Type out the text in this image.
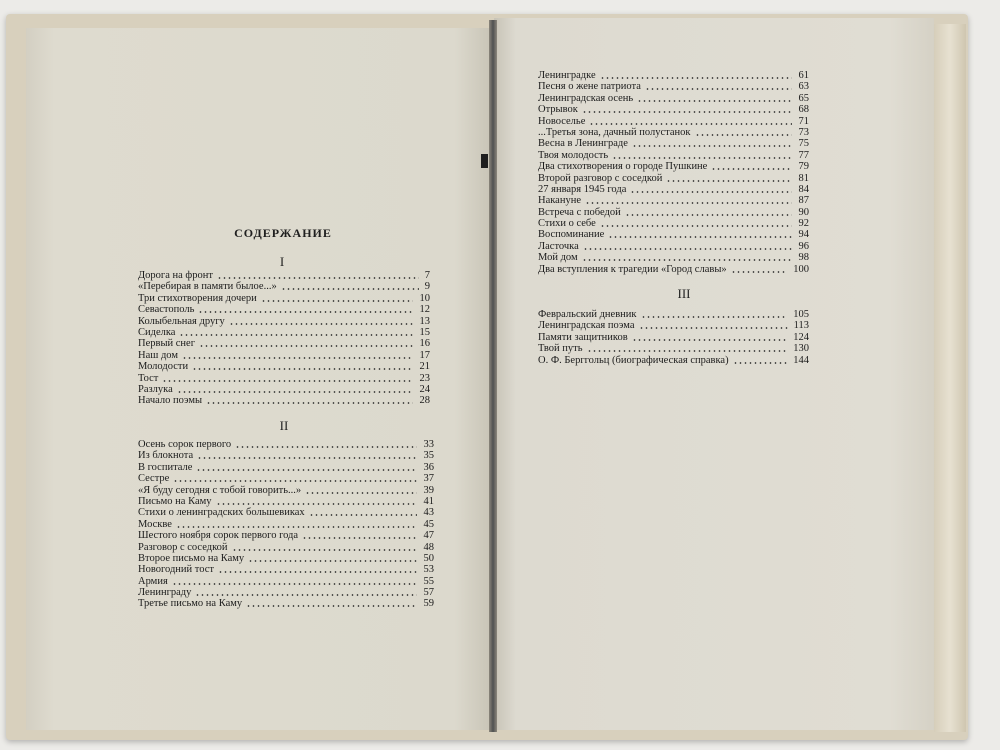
СОДЕРЖАНИЕ
I
Дорога на фронт	7
«Перебирая в памяти былое...»	9
Три стихотворения дочери	10
Севастополь	12
Колыбельная другу	13
Сиделка	15
Первый снег	16
Наш дом	17
Молодости	21
Тост	23
Разлука	24
Начало поэмы	28
II
Осень сорок первого	33
Из блокнота	35
В госпитале	36
Сестре	37
«Я буду сегодня с тобой говорить...»	39
Письмо на Каму	41
Стихи о ленинградских большевиках	43
Москве	45
Шестого ноября сорок первого года	47
Разговор с соседкой	48
Второе письмо на Каму	50
Новогодний тост	53
Армия	55
Ленинграду	57
Третье письмо на Каму	59
Ленинградке	61
Песня о жене патриота	63
Ленинградская осень	65
Отрывок	68
Новоселье	71
...Третья зона, дачный полустанок	73
Весна в Ленинграде	75
Твоя молодость	77
Два стихотворения о городе Пушкине	79
Второй разговор с соседкой	81
27 января 1945 года	84
Накануне	87
Встреча с победой	90
Стихи о себе	92
Воспоминание	94
Ласточка	96
Мой дом	98
Два вступления к трагедии «Город славы»	100
III
Февральский дневник	105
Ленинградская поэма	113
Памяти защитников	124
Твой путь	130
О. Ф. Берггольц (биографическая справка)	144
